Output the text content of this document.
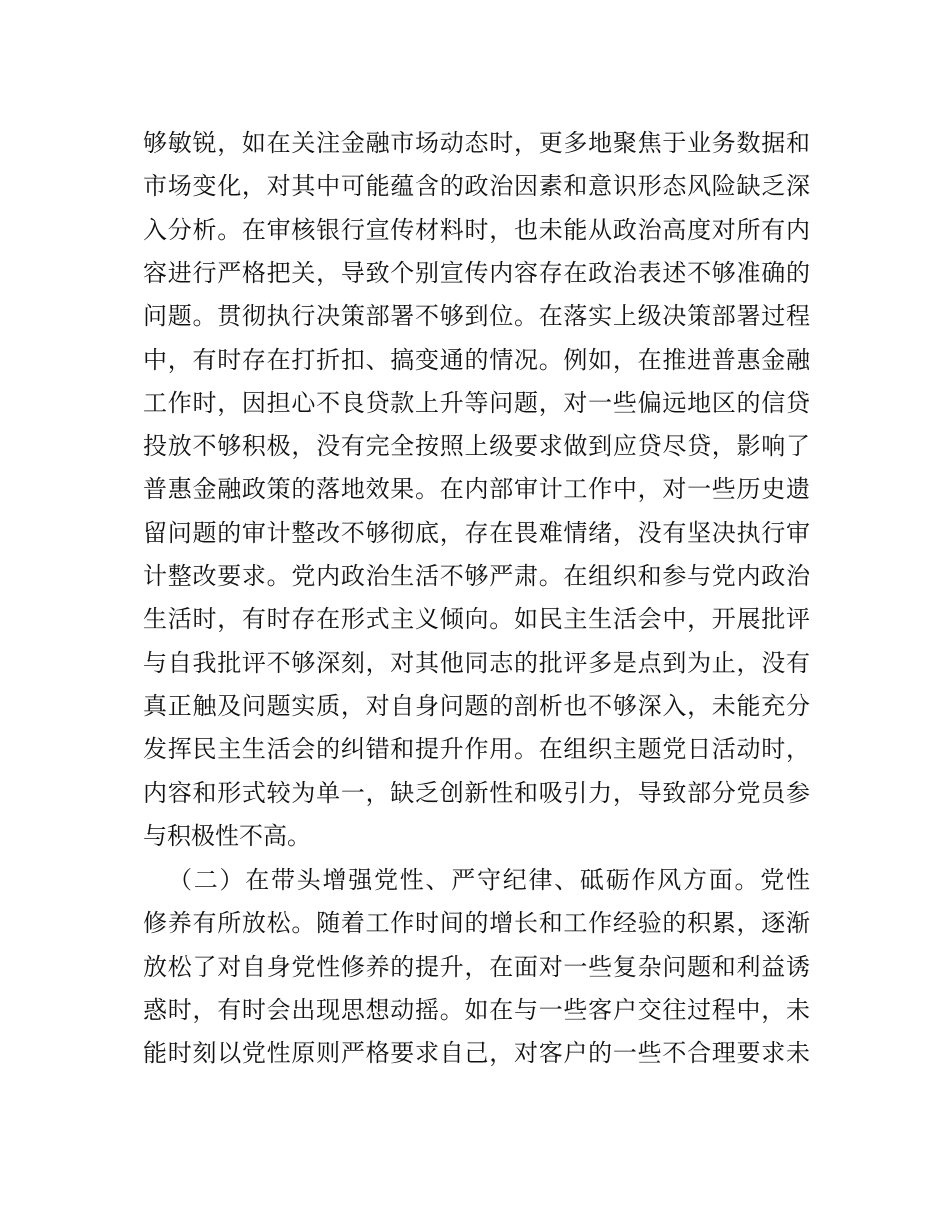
够敏锐，如在关注金融市场动态时，更多地聚焦于业务数据和
市场变化，对其中可能蕴含的政治因素和意识形态风险缺乏深
入分析。在审核银行宣传材料时，也未能从政治高度对所有内
容进行严格把关，导致个别宣传内容存在政治表述不够准确的
问题。贯彻执行决策部署不够到位。在落实上级决策部署过程
中，有时存在打折扣、搞变通的情况。例如，在推进普惠金融
工作时，因担心不良贷款上升等问题，对一些偏远地区的信贷
投放不够积极，没有完全按照上级要求做到应贷尽贷，影响了
普惠金融政策的落地效果。在内部审计工作中，对一些历史遗
留问题的审计整改不够彻底，存在畏难情绪，没有坚决执行审
计整改要求。党内政治生活不够严肃。在组织和参与党内政治
生活时，有时存在形式主义倾向。如民主生活会中，开展批评
与自我批评不够深刻，对其他同志的批评多是点到为止，没有
真正触及问题实质，对自身问题的剖析也不够深入，未能充分
发挥民主生活会的纠错和提升作用。在组织主题党日活动时，
内容和形式较为单一，缺乏创新性和吸引力，导致部分党员参
与积极性不高。
（二）在带头增强党性、严守纪律、砥砺作风方面。党性
修养有所放松。随着工作时间的增长和工作经验的积累，逐渐
放松了对自身党性修养的提升，在面对一些复杂问题和利益诱
惑时，有时会出现思想动摇。如在与一些客户交往过程中，未
能时刻以党性原则严格要求自己，对客户的一些不合理要求未
